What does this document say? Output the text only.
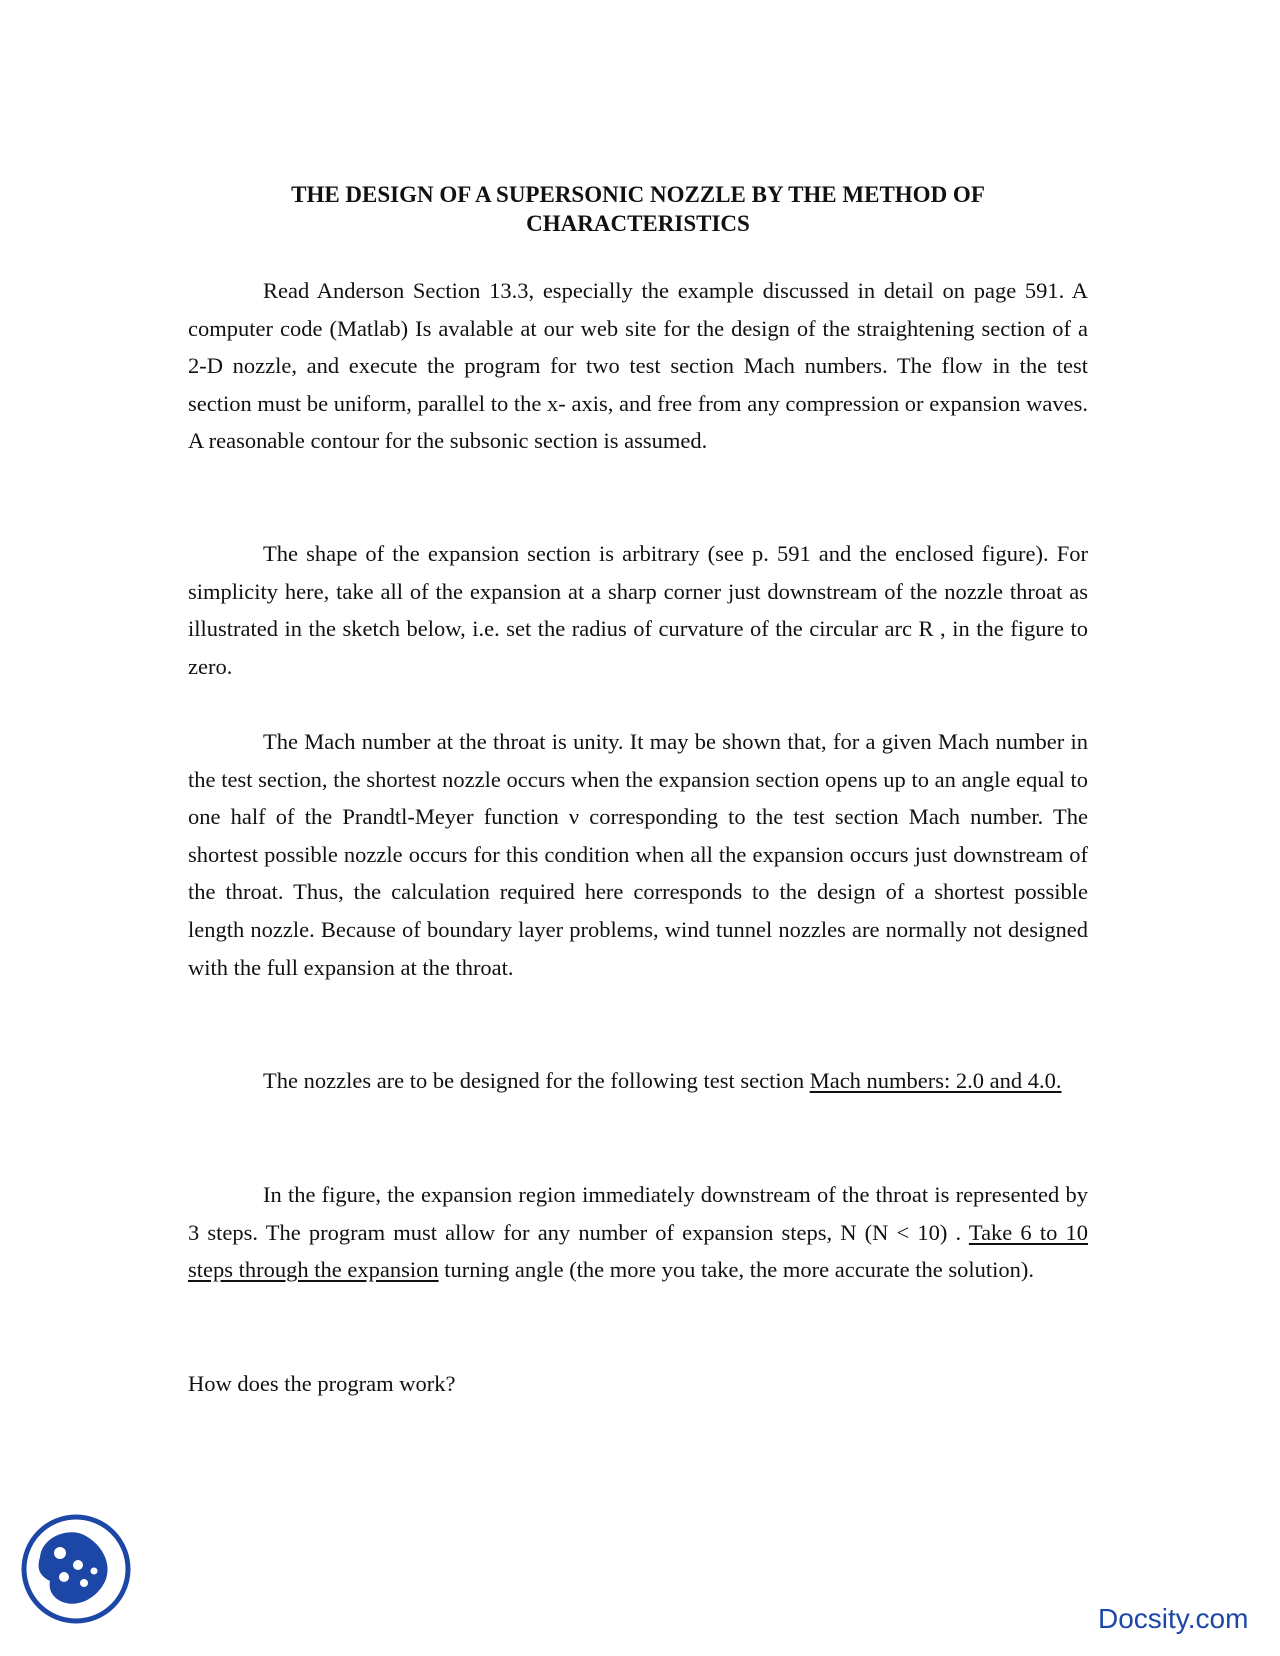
THE DESIGN OF A SUPERSONIC NOZZLE BY THE METHOD OF CHARACTERISTICS

Read Anderson Section 13.3, especially the example discussed in detail on page 591. A computer code (Matlab) Is avalable at our web site for the design of the straightening section of a 2-D nozzle, and execute the program for two test section Mach numbers. The flow in the test section must be uniform, parallel to the x- axis, and free from any compression or expansion waves. A reasonable contour for the subsonic section is assumed.

The shape of the expansion section is arbitrary (see p. 591 and the enclosed figure). For simplicity here, take all of the expansion at a sharp corner just downstream of the nozzle throat as illustrated in the sketch below, i.e. set the radius of curvature of the circular arc R , in the figure to zero.

The Mach number at the throat is unity. It may be shown that, for a given Mach number in the test section, the shortest nozzle occurs when the expansion section opens up to an angle equal to one half of the Prandtl-Meyer function ν corresponding to the test section Mach number. The shortest possible nozzle occurs for this condition when all the expansion occurs just downstream of the throat. Thus, the calculation required here corresponds to the design of a shortest possible length nozzle. Because of boundary layer problems, wind tunnel nozzles are normally not designed with the full expansion at the throat.

The nozzles are to be designed for the following test section Mach numbers: 2.0 and 4.0.

In the figure, the expansion region immediately downstream of the throat is represented by 3 steps. The program must allow for any number of expansion steps, N (N < 10) . Take 6 to 10 steps through the expansion turning angle (the more you take, the more accurate the solution).

How does the program work?

Docsity.com
